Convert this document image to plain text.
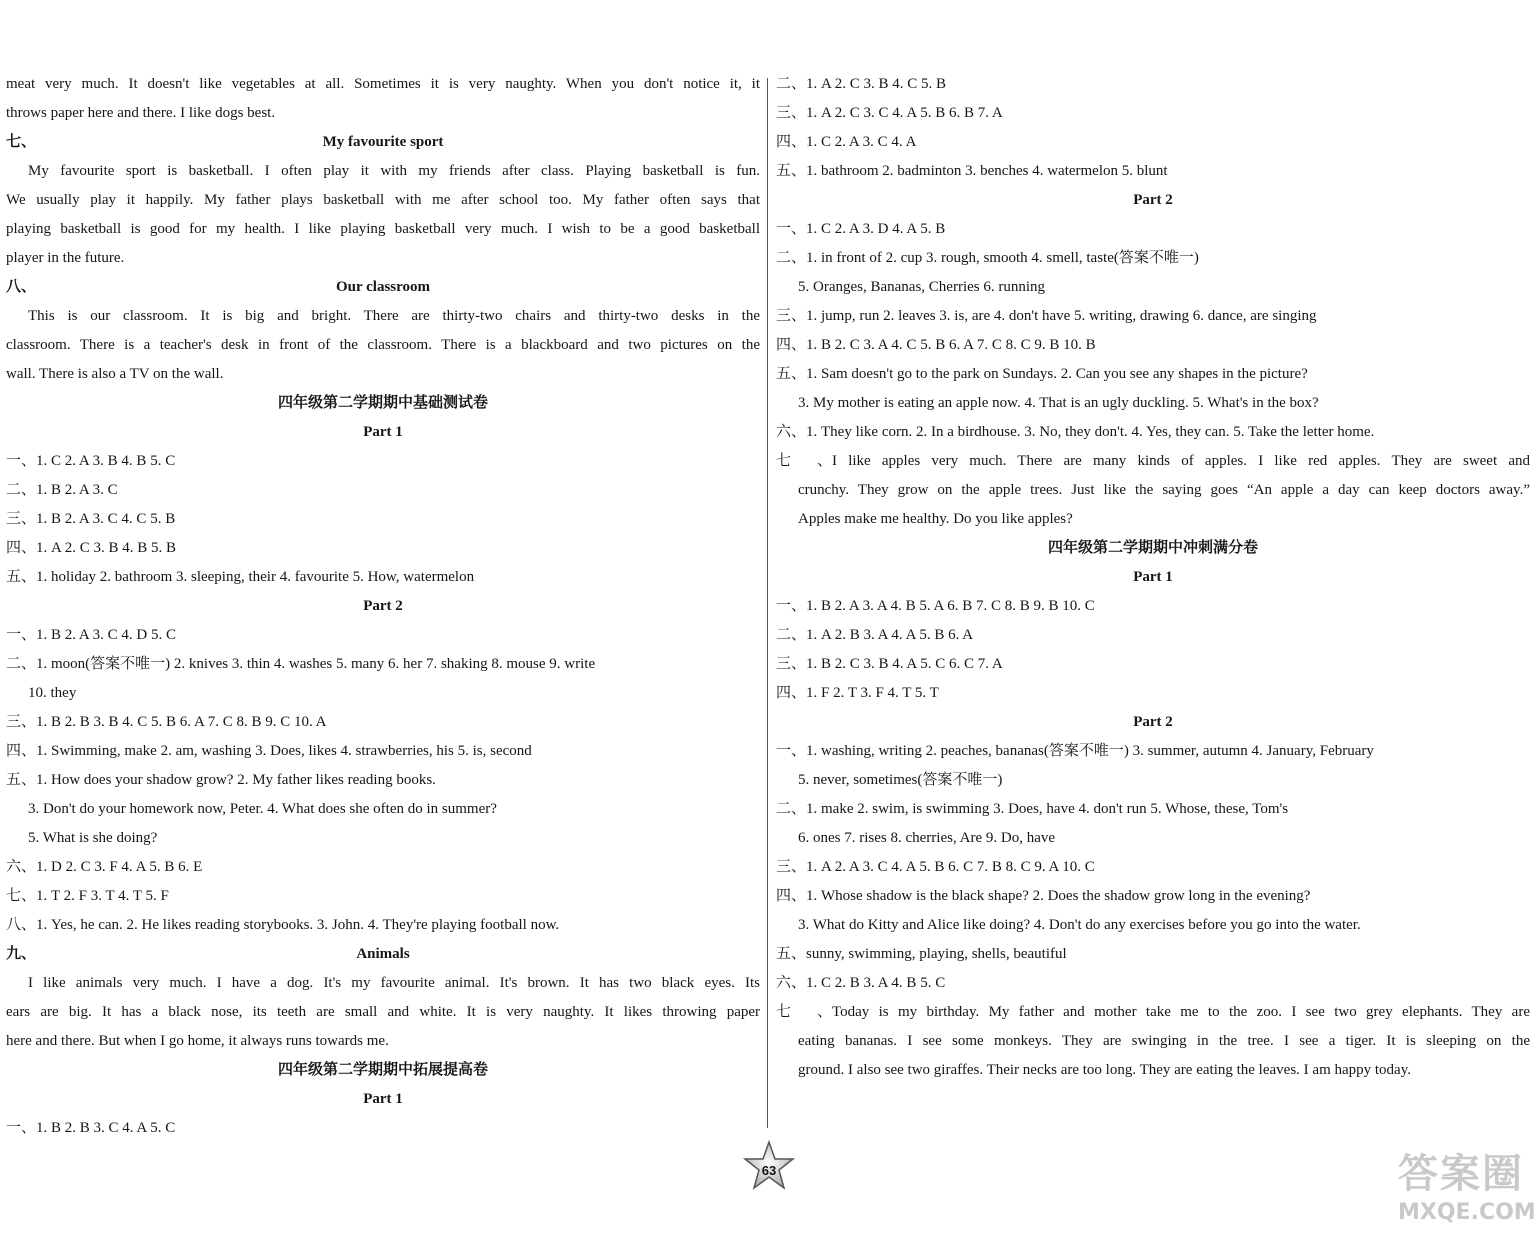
meat very much. It doesn't like vegetables at all. Sometimes it is very naughty. When you don't notice it, it
throws paper here and there. I like dogs best.
七、	My favourite sport
My favourite sport is basketball. I often play it with my friends after class. Playing basketball is fun.
We usually play it happily. My father plays basketball with me after school too. My father often says that
playing basketball is good for my health. I like playing basketball very much. I wish to be a good basketball
player in the future.
八、	Our classroom
This is our classroom. It is big and bright. There are thirty-two chairs and thirty-two desks in the
classroom. There is a teacher's desk in front of the classroom. There is a blackboard and two pictures on the
wall. There is also a TV on the wall.
四年级第二学期期中基础测试卷
Part 1
一、1. C 2. A 3. B 4. B 5. C
二、1. B 2. A 3. C
三、1. B 2. A 3. C 4. C 5. B
四、1. A 2. C 3. B 4. B 5. B
五、1. holiday 2. bathroom 3. sleeping, their 4. favourite 5. How, watermelon
Part 2
一、1. B 2. A 3. C 4. D 5. C
二、1. moon(答案不唯一) 2. knives 3. thin 4. washes 5. many 6. her 7. shaking 8. mouse 9. write
10. they
三、1. B 2. B 3. B 4. C 5. B 6. A 7. C 8. B 9. C 10. A
四、1. Swimming, make 2. am, washing 3. Does, likes 4. strawberries, his 5. is, second
五、1. How does your shadow grow? 2. My father likes reading books.
3. Don't do your homework now, Peter. 4. What does she often do in summer?
5. What is she doing?
六、1. D 2. C 3. F 4. A 5. B 6. E
七、1. T 2. F 3. T 4. T 5. F
八、1. Yes, he can. 2. He likes reading storybooks. 3. John. 4. They're playing football now.
九、	Animals
I like animals very much. I have a dog. It's my favourite animal. It's brown. It has two black eyes. Its
ears are big. It has a black nose, its teeth are small and white. It is very naughty. It likes throwing paper
here and there. But when I go home, it always runs towards me.
四年级第二学期期中拓展提高卷
Part 1
一、1. B 2. B 3. C 4. A 5. C
二、1. A 2. C 3. B 4. C 5. B
三、1. A 2. C 3. C 4. A 5. B 6. B 7. A
四、1. C 2. A 3. C 4. A
五、1. bathroom 2. badminton 3. benches 4. watermelon 5. blunt
Part 2
一、1. C 2. A 3. D 4. A 5. B
二、1. in front of 2. cup 3. rough, smooth 4. smell, taste(答案不唯一)
5. Oranges, Bananas, Cherries 6. running
三、1. jump, run 2. leaves 3. is, are 4. don't have 5. writing, drawing 6. dance, are singing
四、1. B 2. C 3. A 4. C 5. B 6. A 7. C 8. C 9. B 10. B
五、1. Sam doesn't go to the park on Sundays. 2. Can you see any shapes in the picture?
3. My mother is eating an apple now. 4. That is an ugly duckling. 5. What's in the box?
六、1. They like corn. 2. In a birdhouse. 3. No, they don't. 4. Yes, they can. 5. Take the letter home.
七、I like apples very much. There are many kinds of apples. I like red apples. They are sweet and
crunchy. They grow on the apple trees. Just like the saying goes “An apple a day can keep doctors away.”
Apples make me healthy. Do you like apples?
四年级第二学期期中冲刺满分卷
Part 1
一、1. B 2. A 3. A 4. B 5. A 6. B 7. C 8. B 9. B 10. C
二、1. A 2. B 3. A 4. A 5. B 6. A
三、1. B 2. C 3. B 4. A 5. C 6. C 7. A
四、1. F 2. T 3. F 4. T 5. T
Part 2
一、1. washing, writing 2. peaches, bananas(答案不唯一) 3. summer, autumn 4. January, February
5. never, sometimes(答案不唯一)
二、1. make 2. swim, is swimming 3. Does, have 4. don't run 5. Whose, these, Tom's
6. ones 7. rises 8. cherries, Are 9. Do, have
三、1. A 2. A 3. C 4. A 5. B 6. C 7. B 8. C 9. A 10. C
四、1. Whose shadow is the black shape? 2. Does the shadow grow long in the evening?
3. What do Kitty and Alice like doing? 4. Don't do any exercises before you go into the water.
五、sunny, swimming, playing, shells, beautiful
六、1. C 2. B 3. A 4. B 5. C
七、Today is my birthday. My father and mother take me to the zoo. I see two grey elephants. They are
eating bananas. I see some monkeys. They are swinging in the tree. I see a tiger. It is sleeping on the
ground. I also see two giraffes. Their necks are too long. They are eating the leaves. I am happy today.
63	答案圈
MXQE.COM
